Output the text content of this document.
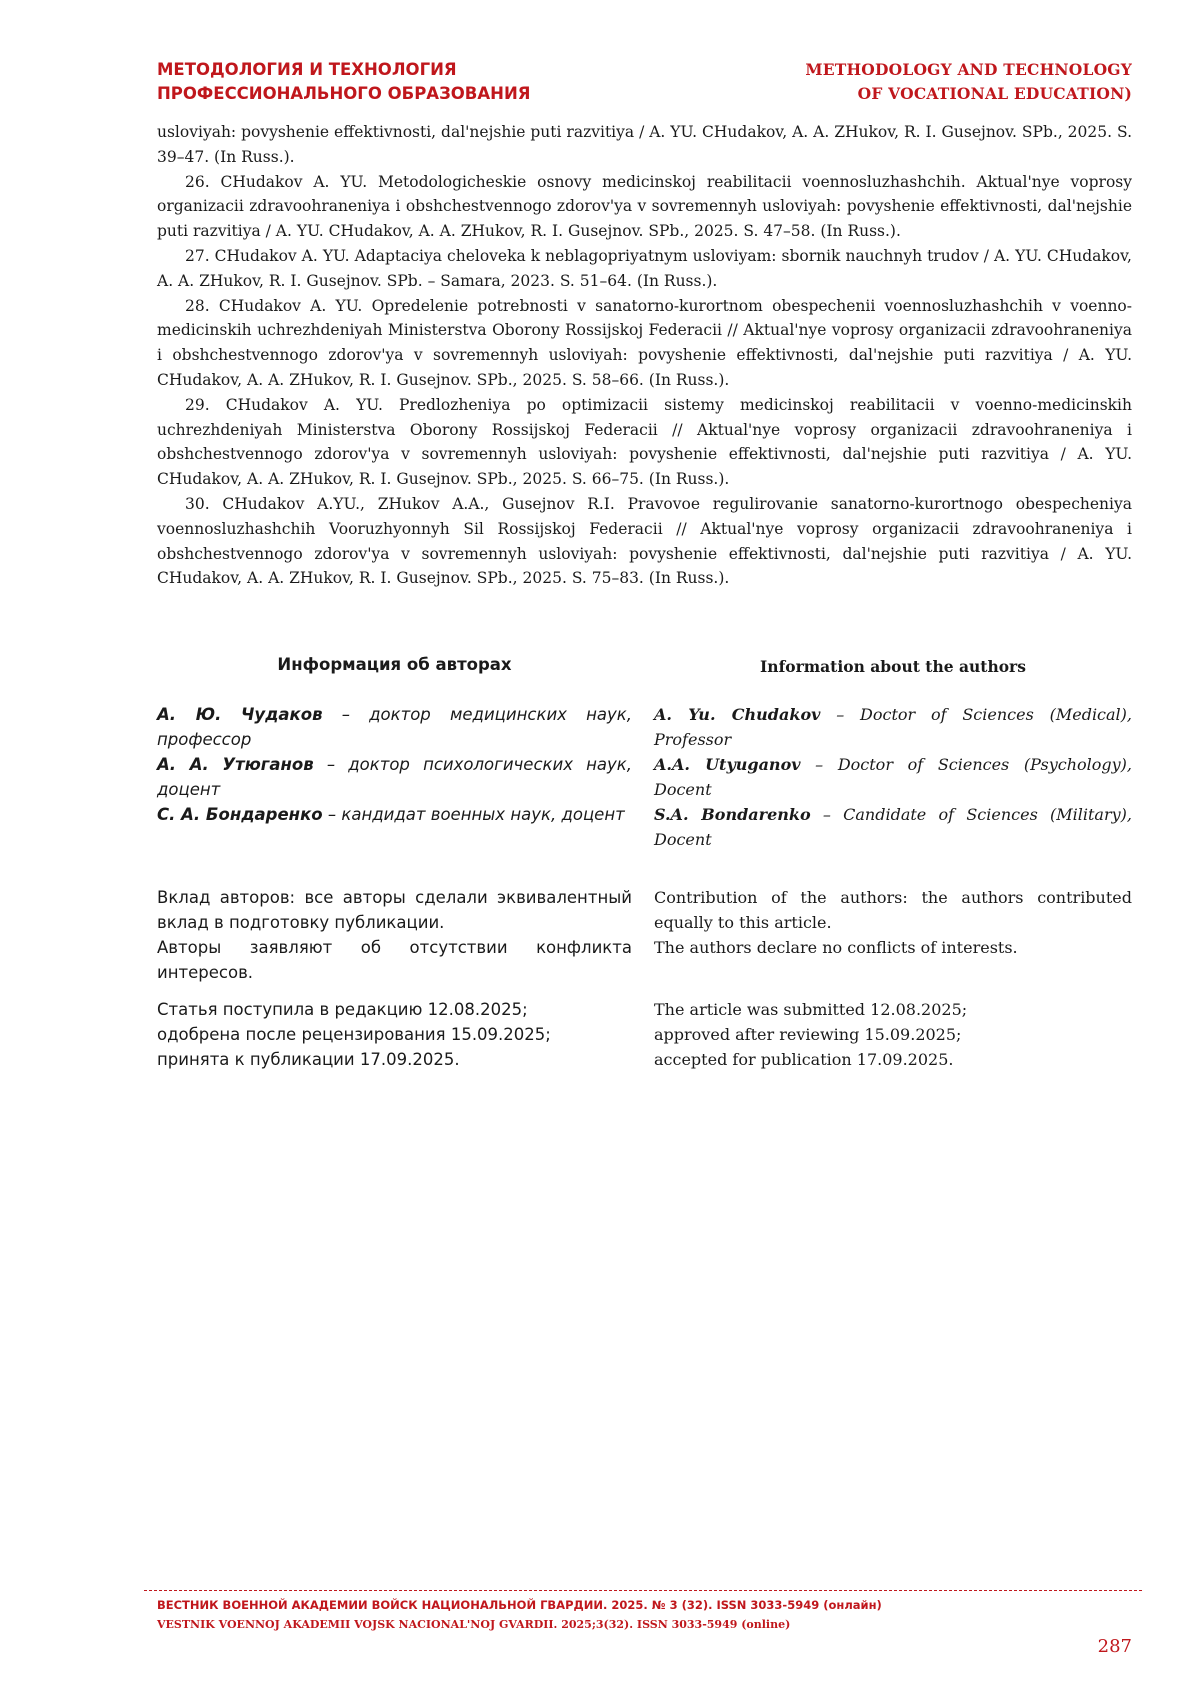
МЕТОДОЛОГИЯ И ТЕХНОЛОГИЯ
ПРОФЕССИОНАЛЬНОГО ОБРАЗОВАНИЯ
METHODOLOGY AND TECHNOLOGY
OF VOCATIONAL EDUCATION)

usloviyah: povyshenie effektivnosti, dal'nejshie puti razvitiya / A. YU. CHudakov, A. A. ZHukov, R. I. Gusejnov. SPb., 2025. S. 39–47. (In Russ.).

26. CHudakov A. YU. Metodologicheskie osnovy medicinskoj reabilitacii voennosluzhashchih. Aktual'nye voprosy organizacii zdravoohraneniya i obshchestvennogo zdorov'ya v sovremennyh usloviyah: povyshenie effektivnosti, dal'nejshie puti razvitiya / A. YU. CHudakov, A. A. ZHukov, R. I. Gusejnov. SPb., 2025. S. 47–58. (In Russ.).

27. CHudakov A. YU. Adaptaciya cheloveka k neblagopriyatnym usloviyam: sbornik nauchnyh trudov / A. YU. CHudakov, A. A. ZHukov, R. I. Gusejnov. SPb. – Samara, 2023. S. 51–64. (In Russ.).

28. CHudakov A. YU. Opredelenie potrebnosti v sanatorno-kurortnom obespechenii voennosluzhashchih v voenno-medicinskih uchrezhdeniyah Ministerstva Oborony Rossijskoj Federacii // Aktual'nye voprosy organizacii zdravoohraneniya i obshchestvennogo zdorov'ya v sovremennyh usloviyah: povyshenie effektivnosti, dal'nejshie puti razvitiya / A. YU. CHudakov, A. A. ZHukov, R. I. Gusejnov. SPb., 2025. S. 58–66. (In Russ.).

29. CHudakov A. YU. Predlozheniya po optimizacii sistemy medicinskoj reabilitacii v voenno-medicinskih uchrezhdeniyah Ministerstva Oborony Rossijskoj Federacii // Aktual'nye voprosy organizacii zdravoohraneniya i obshchestvennogo zdorov'ya v sovremennyh usloviyah: povyshenie effektivnosti, dal'nejshie puti razvitiya / A. YU. CHudakov, A. A. ZHukov, R. I. Gusejnov. SPb., 2025. S. 66–75. (In Russ.).

30. CHudakov A.YU., ZHukov A.A., Gusejnov R.I. Pravovoe regulirovanie sanatorno-kurortnogo obespecheniya voennosluzhashchih Vooruzhyonnyh Sil Rossijskoj Federacii // Aktual'nye voprosy organizacii zdravoohraneniya i obshchestvennogo zdorov'ya v sovremennyh usloviyah: povyshenie effektivnosti, dal'nejshie puti razvitiya / A. YU. CHudakov, A. A. ZHukov, R. I. Gusejnov. SPb., 2025. S. 75–83. (In Russ.).

Информация об авторах	Information about the authors

А. Ю. Чудаков – доктор медицинских наук, профессор

А. А. Утюганов – доктор психологических наук, доцент

С. А. Бондаренко – кандидат военных наук, доцент

A. Yu. Chudakov – Doctor of Sciences (Medical), Professor

A.A. Utyuganov – Doctor of Sciences (Psychology), Docent

S.A. Bondarenko – Candidate of Sciences (Military), Docent

Вклад авторов: все авторы сделали эквивалентный вклад в подготовку публикации.

Авторы заявляют об отсутствии конфликта интересов.

Contribution of the authors: the authors contributed equally to this article.

The authors declare no conflicts of interests.

Статья поступила в редакцию 12.08.2025;

одобрена после рецензирования 15.09.2025;

принята к публикации 17.09.2025.

The article was submitted 12.08.2025;

approved after reviewing 15.09.2025;

accepted for publication 17.09.2025.

ВЕСТНИК ВОЕННОЙ АКАДЕМИИ ВОЙСК НАЦИОНАЛЬНОЙ ГВАРДИИ. 2025. № 3 (32). ISSN 3033-5949 (онлайн)
VESTNIK VOENNOJ AKADEMII VOJSK NACIONAL'NOJ GVARDII. 2025;3(32). ISSN 3033-5949 (online)
287
